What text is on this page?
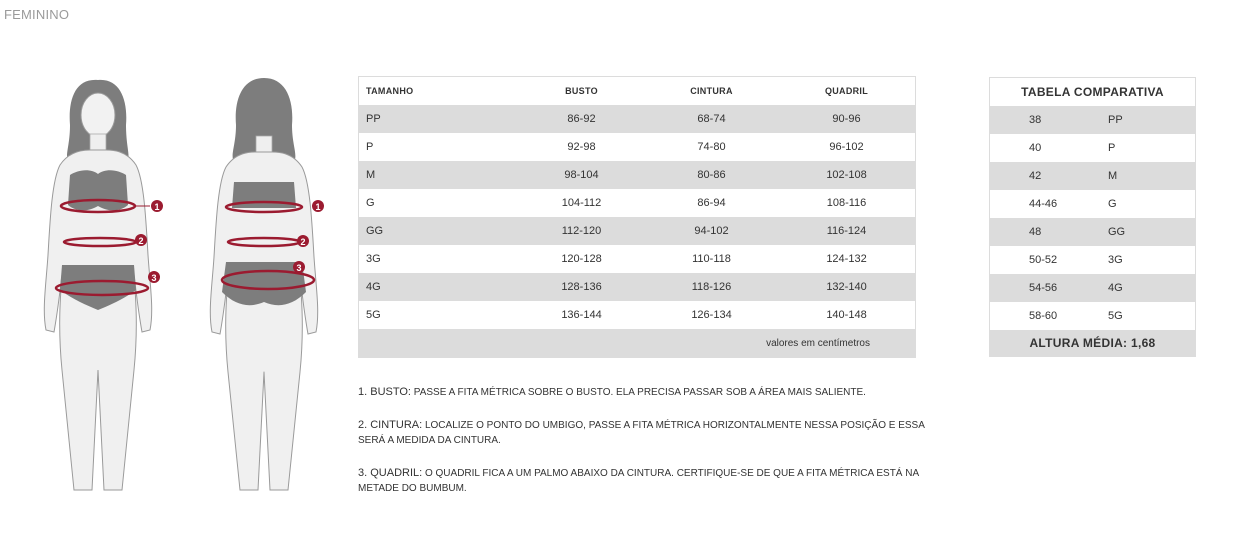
FEMININO
1
2
3
1
2
3
TAMANHO	BUSTO	CINTURA	QUADRIL
PP	86-92	68-74	90-96
P	92-98	74-80	96-102
M	98-104	80-86	102-108
G	104-112	86-94	108-116
GG	112-120	94-102	116-124
3G	120-128	110-118	124-132
4G	128-136	118-126	132-140
5G	136-144	126-134	140-148
valores em centímetros
TABELA COMPARATIVA
38	PP
40	P
42	M
44-46	G
48	GG
50-52	3G
54-56	4G
58-60	5G
ALTURA MÉDIA: 1,68

1. BUSTO: PASSE A FITA MÉTRICA SOBRE O BUSTO. ELA PRECISA PASSAR SOB A ÁREA MAIS SALIENTE.

2. CINTURA: LOCALIZE O PONTO DO UMBIGO, PASSE A FITA MÉTRICA HORIZONTALMENTE NESSA POSIÇÃO E ESSA SERÁ A MEDIDA DA CINTURA.

3. QUADRIL: O QUADRIL FICA A UM PALMO ABAIXO DA CINTURA. CERTIFIQUE-SE DE QUE A FITA MÉTRICA ESTÁ NA METADE DO BUMBUM.
